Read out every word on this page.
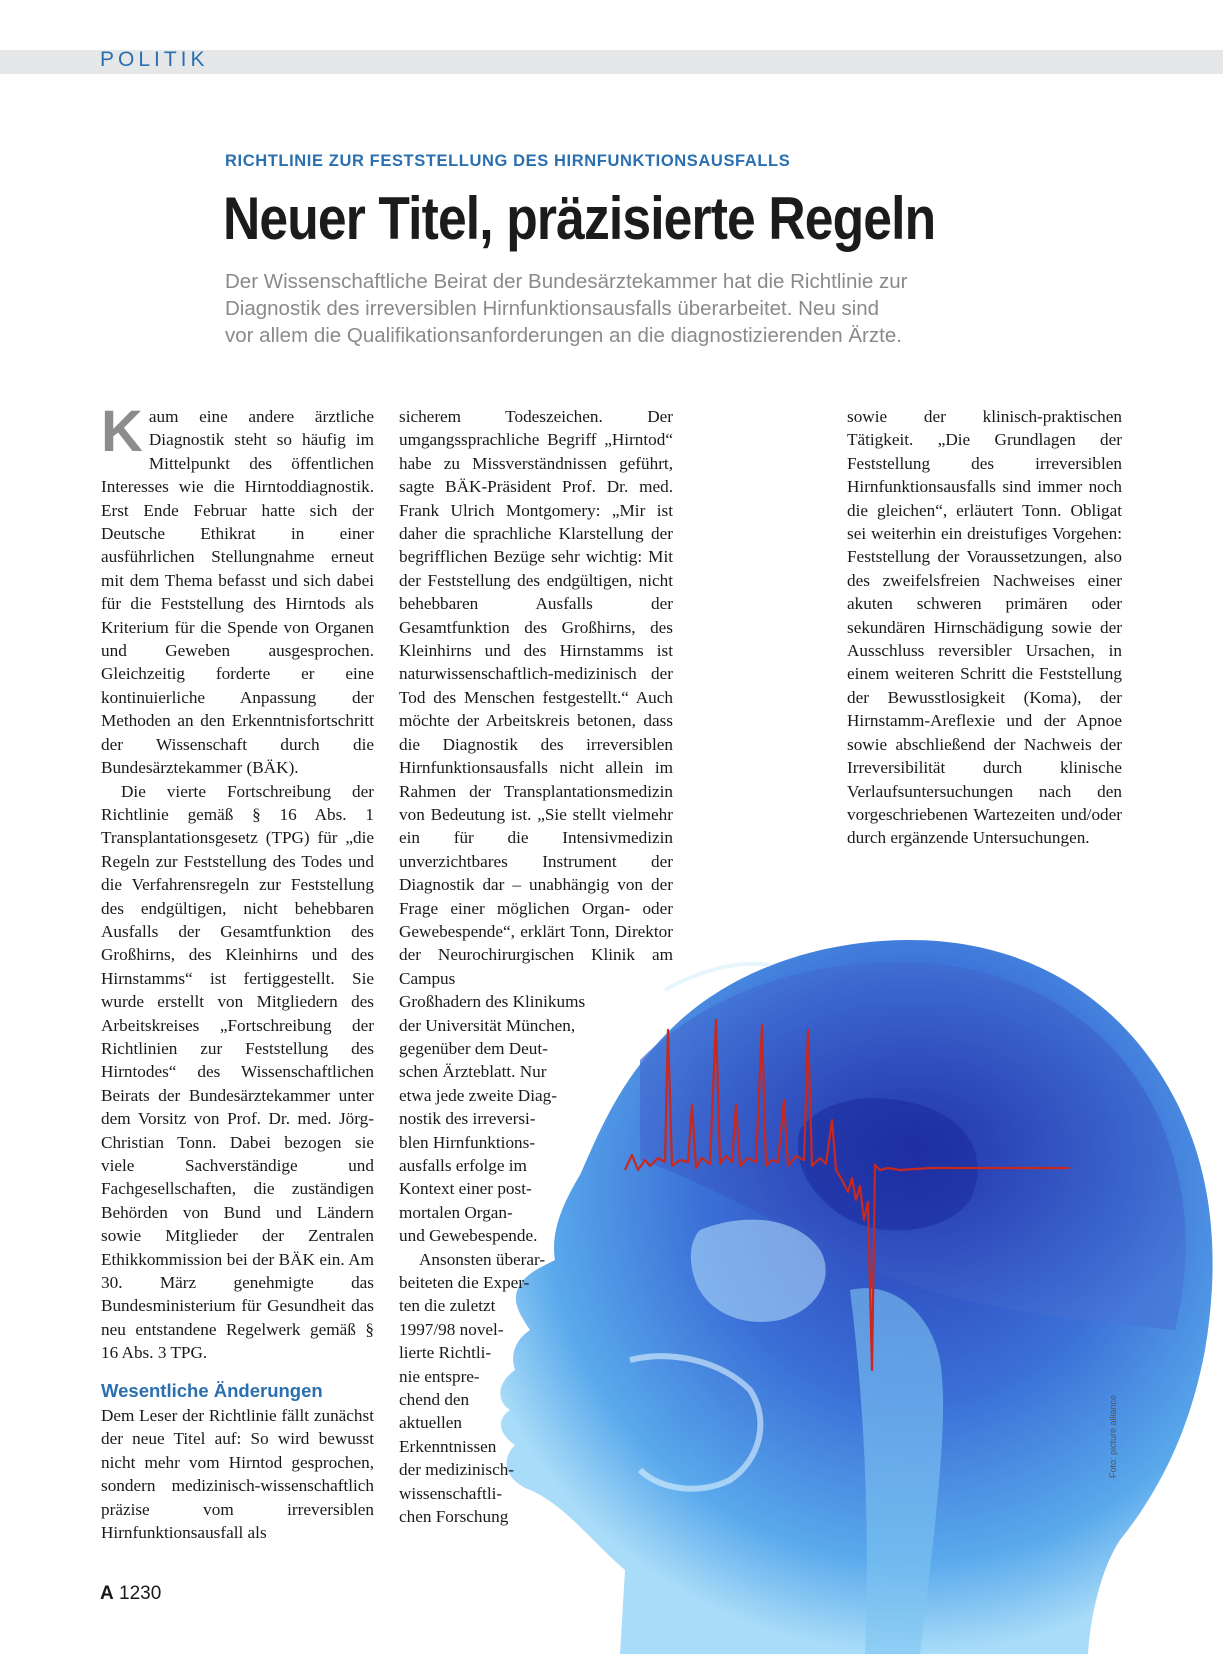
POLITIK
RICHTLINIE ZUR FESTSTELLUNG DES HIRNFUNKTIONSAUSFALLS
Neuer Titel, präzisierte Regeln
Der Wissenschaftliche Beirat der Bundesärztekammer hat die Richtlinie zur
Diagnostik des irreversiblen Hirnfunktionsausfalls überarbeitet. Neu sind
vor allem die Qualifikationsanforderungen an die diagnostizierenden Ärzte.

Kaum eine andere ärztliche Diagnostik steht so häufig im Mittelpunkt des öffentlichen Interesses wie die Hirntoddiagnostik. Erst Ende Februar hatte sich der Deutsche Ethikrat in einer ausführlichen Stellungnahme erneut mit dem Thema befasst und sich dabei für die Feststellung des Hirntods als Kriterium für die Spende von Organen und Geweben ausgesprochen. Gleichzeitig forderte er eine kontinuierliche Anpassung der Methoden an den Erkenntnisfortschritt der Wissenschaft durch die Bundesärztekammer (BÄK).

Die vierte Fortschreibung der Richtlinie gemäß § 16 Abs. 1 Transplantationsgesetz (TPG) für „die Regeln zur Feststellung des Todes und die Verfahrensregeln zur Feststellung des endgültigen, nicht behebbaren Ausfalls der Gesamtfunktion des Großhirns, des Kleinhirns und des Hirnstamms“ ist fertiggestellt. Sie wurde erstellt von Mitgliedern des Arbeitskreises „Fortschreibung der Richtlinien zur Feststellung des Hirntodes“ des Wissenschaftlichen Beirats der Bundesärztekammer unter dem Vorsitz von Prof. Dr. med. Jörg-Christian Tonn. Dabei bezogen sie viele Sachverständige und Fachgesellschaften, die zuständigen Behörden von Bund und Ländern sowie Mitglieder der Zentralen Ethikkommission bei der BÄK ein. Am 30. März genehmigte das Bundesministerium für Gesundheit das neu entstandene Regelwerk gemäß § 16 Abs. 3 TPG.

Wesentliche Änderungen

Dem Leser der Richtlinie fällt zunächst der neue Titel auf: So wird bewusst nicht mehr vom Hirntod gesprochen, sondern medizinisch-wissenschaftlich präzise vom irreversiblen Hirnfunktionsausfall als

sicherem Todeszeichen. Der umgangssprachliche Begriff „Hirntod“ habe zu Missverständnissen geführt, sagte BÄK-Präsident Prof. Dr. med. Frank Ulrich Montgomery: „Mir ist daher die sprachliche Klarstellung der begrifflichen Bezüge sehr wichtig: Mit der Feststellung des endgültigen, nicht behebbaren Ausfalls der Gesamtfunktion des Großhirns, des Kleinhirns und des Hirnstamms ist naturwissenschaftlich-medizinisch der Tod des Menschen festgestellt.“ Auch möchte der Arbeitskreis betonen, dass die Diagnostik des irreversiblen Hirnfunktionsausfalls nicht allein im Rahmen der Transplantationsmedizin von Bedeutung ist. „Sie stellt vielmehr ein für die Intensivmedizin unverzichtbares Instrument der Diagnostik dar – unabhängig von der Frage einer möglichen Organ- oder Gewebespende“, erklärt Tonn, Direktor der Neurochirurgischen Klinik am Campus

Großhadern des Klinikums
der Universität München,
gegenüber dem Deut-
schen Ärzteblatt. Nur
etwa jede zweite Diag-
nostik des irreversi-
blen Hirnfunktions-
ausfalls erfolge im
Kontext einer post-
mortalen Organ-
und Gewebespende.
Ansonsten überar-
beiteten die Exper-
ten die zuletzt
1997/98 novel-
lierte Richtli-
nie entspre-
chend den
aktuellen
Erkenntnissen
der medizinisch-
wissenschaftli-
chen Forschung

sowie der klinisch-praktischen Tätigkeit. „Die Grundlagen der Feststellung des irreversiblen Hirnfunktionsausfalls sind immer noch die gleichen“, erläutert Tonn. Obligat sei weiterhin ein dreistufiges Vorgehen: Feststellung der Voraussetzungen, also des zweifelsfreien Nachweises einer akuten schweren primären oder sekundären Hirnschädigung sowie der Ausschluss reversibler Ursachen, in einem weiteren Schritt die Feststellung der Bewusstlosigkeit (Koma), der Hirnstamm-Areflexie und der Apnoe sowie abschließend der Nachweis der Irreversibilität durch klinische Verlaufsuntersuchungen nach den vorgeschriebenen Wartezeiten und/oder durch ergänzende Untersuchungen.

Foto: picture alliance
A 1230
